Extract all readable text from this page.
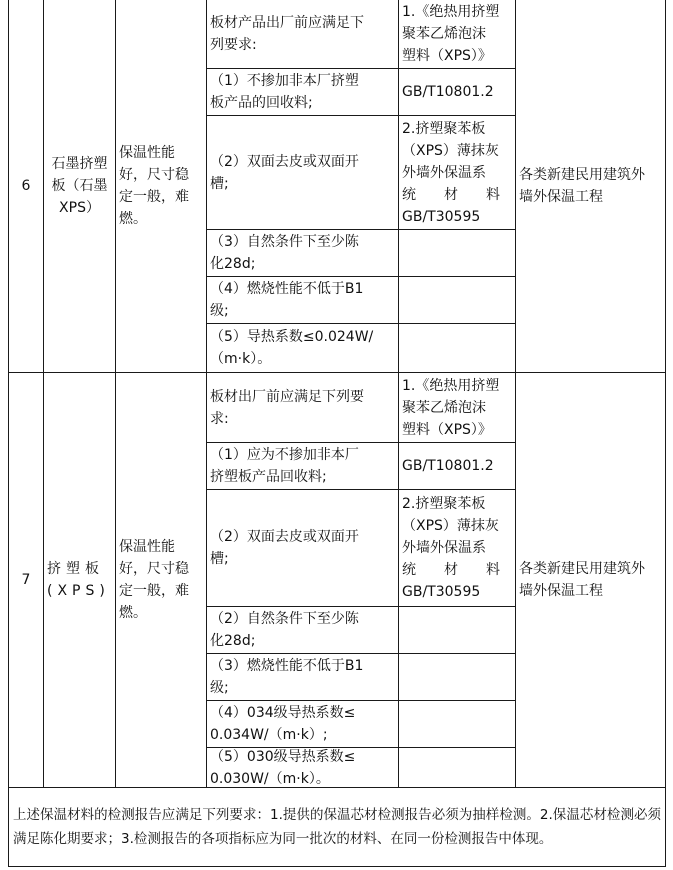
6
石墨挤塑
板（石墨
XPS）
保温性能
好，尺寸稳
定一般，难
燃。
板材产品出厂前应满足下
列要求:
（1）不掺加非本厂挤塑
板产品的回收料;
（2）双面去皮或双面开
槽;
（3）自然条件下至少陈
化28d;
（4）燃烧性能不低于B1
级;
（5）导热系数≤0.024W/
（m·k）。
1.《绝热用挤塑
聚苯乙烯泡沫
塑料（XPS）》
GB/T10801.2
2.挤塑聚苯板
（XPS）薄抹灰
外墙外保温系
统　　材　　料
GB/T30595
各类新建民用建筑外
墙外保温工程
7
挤塑板
(XPS)
保温性能
好，尺寸稳
定一般，难
燃。
板材出厂前应满足下列要
求:
（1）应为不掺加非本厂
挤塑板产品回收料;
（2）双面去皮或双面开
槽;
（2）自然条件下至少陈
化28d;
（3）燃烧性能不低于B1
级;
（4）034级导热系数≤
0.034W/（m·k）;
（5）030级导热系数≤
0.030W/（m·k）。
1.《绝热用挤塑
聚苯乙烯泡沫
塑料（XPS）》
GB/T10801.2
2.挤塑聚苯板
（XPS）薄抹灰
外墙外保温系
统　　材　　料
GB/T30595
各类新建民用建筑外
墙外保温工程
上述保温材料的检测报告应满足下列要求：1.提供的保温芯材检测报告必须为抽样检测。2.保温芯材检测必须满足陈化期要求；3.检测报告的各项指标应为同一批次的材料、在同一份检测报告中体现。
